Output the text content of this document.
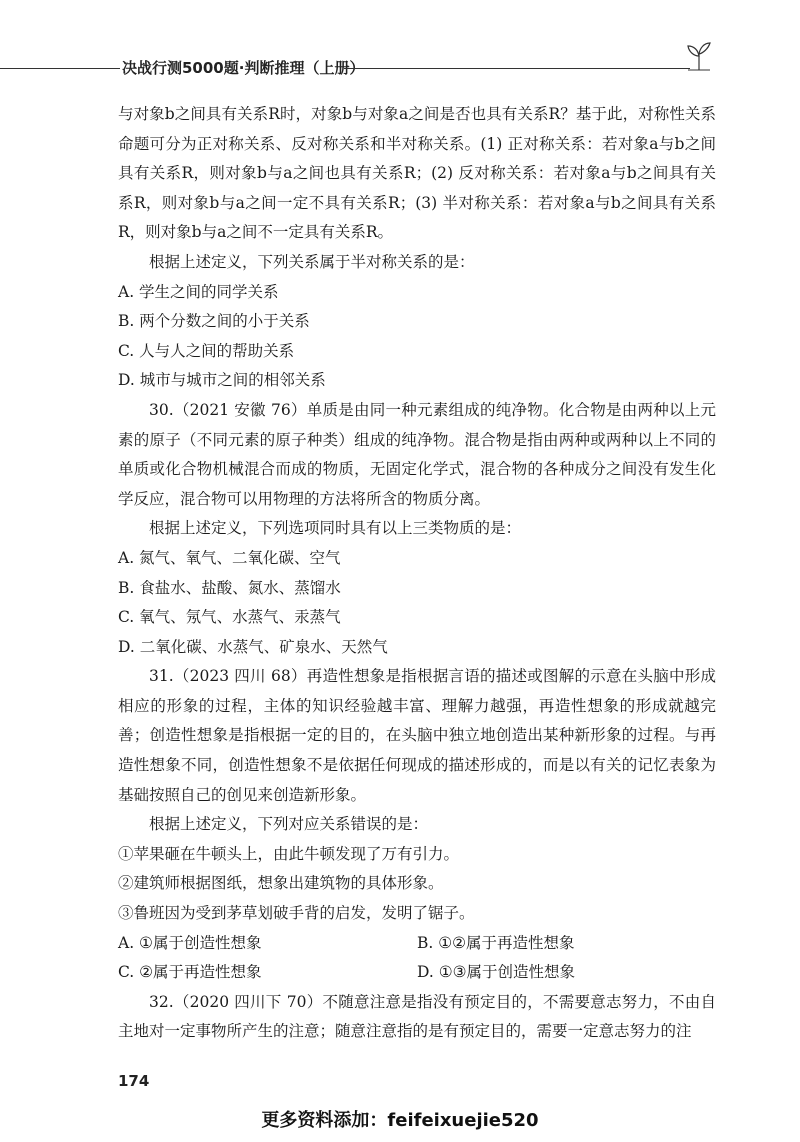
决战行测5000题·判断推理（上册）

与对象b之间具有关系R时，对象b与对象a之间是否也具有关系R？基于此，对称性关系命题可分为正对称关系、反对称关系和半对称关系。(1) 正对称关系：若对象a与b之间具有关系R，则对象b与a之间也具有关系R；(2) 反对称关系：若对象a与b之间具有关系R，则对象b与a之间一定不具有关系R；(3) 半对称关系：若对象a与b之间具有关系R，则对象b与a之间不一定具有关系R。

根据上述定义，下列关系属于半对称关系的是：

A. 学生之间的同学关系

B. 两个分数之间的小于关系

C. 人与人之间的帮助关系

D. 城市与城市之间的相邻关系

30.（2021 安徽 76）单质是由同一种元素组成的纯净物。化合物是由两种以上元素的原子（不同元素的原子种类）组成的纯净物。混合物是指由两种或两种以上不同的单质或化合物机械混合而成的物质，无固定化学式，混合物的各种成分之间没有发生化学反应，混合物可以用物理的方法将所含的物质分离。

根据上述定义，下列选项同时具有以上三类物质的是：

A. 氮气、氧气、二氧化碳、空气

B. 食盐水、盐酸、氮水、蒸馏水

C. 氧气、氖气、水蒸气、汞蒸气

D. 二氧化碳、水蒸气、矿泉水、天然气

31.（2023 四川 68）再造性想象是指根据言语的描述或图解的示意在头脑中形成相应的形象的过程，主体的知识经验越丰富、理解力越强，再造性想象的形成就越完善；创造性想象是指根据一定的目的，在头脑中独立地创造出某种新形象的过程。与再造性想象不同，创造性想象不是依据任何现成的描述形成的，而是以有关的记忆表象为基础按照自己的创见来创造新形象。

根据上述定义，下列对应关系错误的是：

①苹果砸在牛顿头上，由此牛顿发现了万有引力。

②建筑师根据图纸，想象出建筑物的具体形象。

③鲁班因为受到茅草划破手背的启发，发明了锯子。

A. ①属于创造性想象	B. ①②属于再造性想象
C. ②属于再造性想象	D. ①③属于创造性想象

32.（2020 四川下 70）不随意注意是指没有预定目的，不需要意志努力，不由自主地对一定事物所产生的注意；随意注意指的是有预定目的，需要一定意志努力的注

174
更多资料添加：feifeixuejie520
